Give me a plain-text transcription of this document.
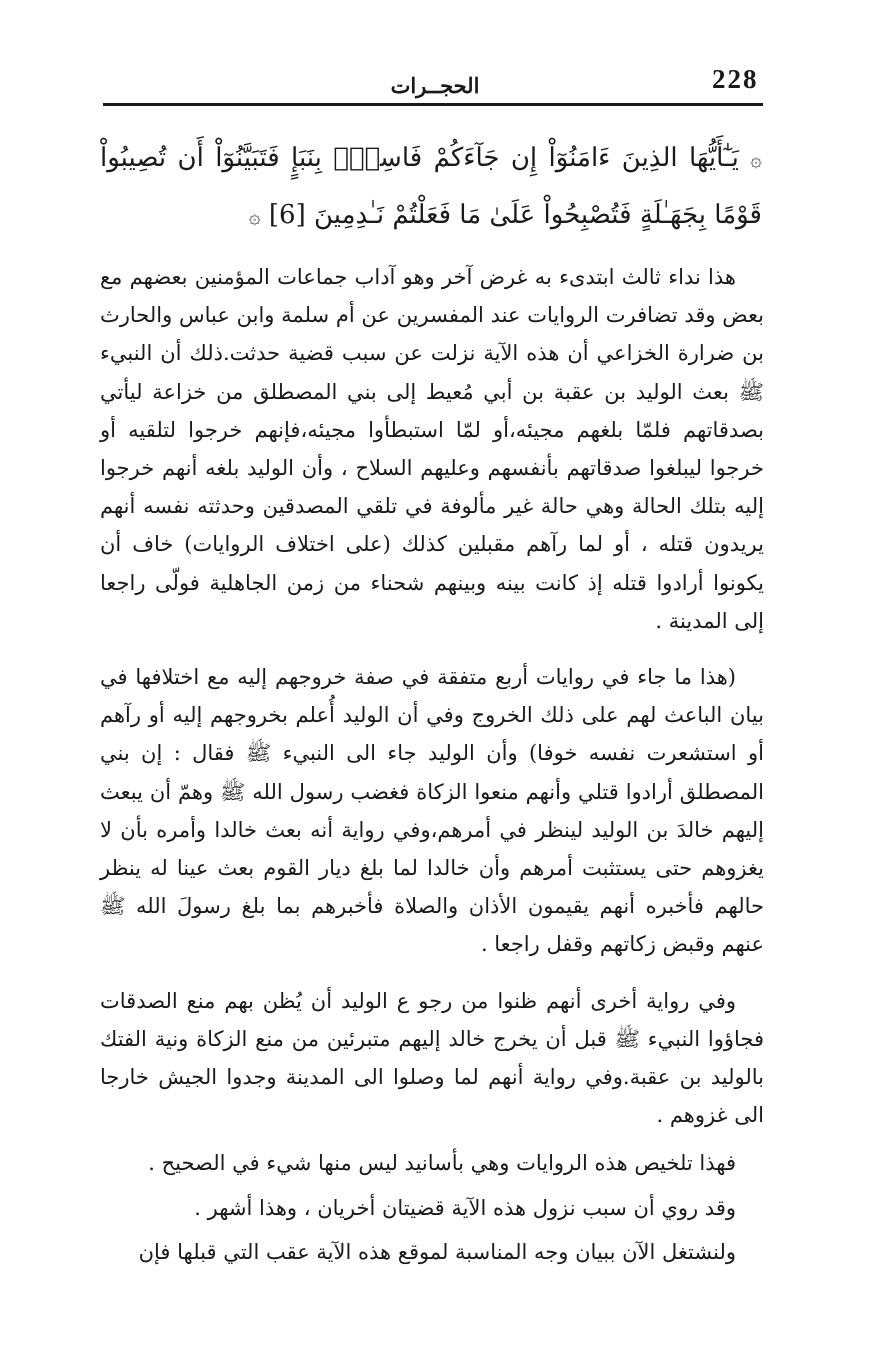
228
الحجــرات
۞ يَـٰٓأَيُّهَا الذِينَ ءَامَنُوٓاْ إِن جَآءَكُمْ فَاسِقُۢ بِنَبَإٍ فَتَبَيَّنُوٓاْ أَن تُصِيبُواْ قَوْمًا بِجَهَـٰلَةٍ فَتُصْبِحُواْ عَلَىٰ مَا فَعَلْتُمْ نَـٰدِمِينَ [6] ۞

هذا نداء ثالث ابتدىء به غرض آخر وهو آداب جماعات المؤمنين بعضهم مع بعض وقد تضافرت الروايات عند المفسرين عن أم سلمة وابن عباس والحارث بن ضرارة الخزاعي أن هذه الآية نزلت عن سبب قضية حدثت.ذلك أن النبيء ﷺ بعث الوليد بن عقبة بن أبي مُعيط إلى بني المصطلق من خزاعة ليأتي بصدقاتهم فلمّا بلغهم مجيئه،أو لمّا استبطأوا مجيئه،فإنهم خرجوا لتلقيه أو خرجوا ليبلغوا صدقاتهم بأنفسهم وعليهم السلاح ، وأن الوليد بلغه أنهم خرجوا إليه بتلك الحالة وهي حالة غير مألوفة في تلقي المصدقين وحدثته نفسه أنهم يريدون قتله ، أو لما رآهم مقبلين كذلك (على اختلاف الروايات) خاف أن يكونوا أرادوا قتله إذ كانت بينه وبينهم شحناء من زمن الجاهلية فولّى راجعا إلى المدينة .

(هذا ما جاء في روايات أربع متفقة في صفة خروجهم إليه مع اختلافها في بيان الباعث لهم على ذلك الخروج وفي أن الوليد أُعلم بخروجهم إليه أو رآهم أو استشعرت نفسه خوفا) وأن الوليد جاء الى النبيء ﷺ فقال : إن بني المصطلق أرادوا قتلي وأنهم منعوا الزكاة فغضب رسول الله ﷺ وهمّ أن يبعث إليهم خالدَ بن الوليد لينظر في أمرهم،وفي رواية أنه بعث خالدا وأمره بأن لا يغزوهم حتى يستثبت أمرهم وأن خالدا لما بلغ ديار القوم بعث عينا له ينظر حالهم فأخبره أنهم يقيمون الأذان والصلاة فأخبرهم بما بلغ رسولَ الله ﷺ عنهم وقبض زكاتهم وقفل راجعا .

وفي رواية أخرى أنهم ظنوا من رجو ع الوليد أن يُظن بهم منع الصدقات فجاؤوا النبيء ﷺ قبل أن يخرج خالد إليهم متبرئين من منع الزكاة ونية الفتك بالوليد بن عقبة.وفي رواية أنهم لما وصلوا الى المدينة وجدوا الجيش خارجا الى غزوهم .

فهذا تلخيص هذه الروايات وهي بأسانيد ليس منها شيء في الصحيح .

وقد روي أن سبب نزول هذه الآية قضيتان أخريان ، وهذا أشهر .

ولنشتغل الآن ببيان وجه المناسبة لموقع هذه الآية عقب التي قبلها فإن
